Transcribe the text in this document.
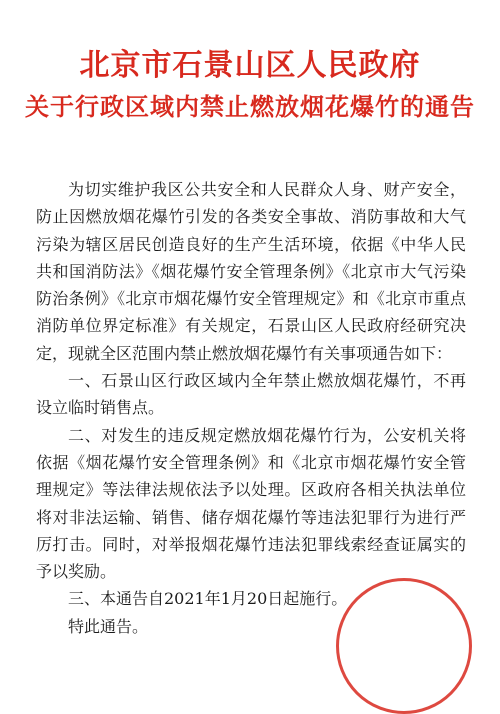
北京市石景山区人民政府
关于行政区域内禁止燃放烟花爆竹的通告

为切实维护我区公共安全和人民群众人身、财产安全，防止因燃放烟花爆竹引发的各类安全事故、消防事故和大气污染为辖区居民创造良好的生产生活环境，依据《中华人民共和国消防法》《烟花爆竹安全管理条例》《北京市大气污染防治条例》《北京市烟花爆竹安全管理规定》和《北京市重点消防单位界定标准》有关规定，石景山区人民政府经研究决定，现就全区范围内禁止燃放烟花爆竹有关事项通告如下：

一、石景山区行政区域内全年禁止燃放烟花爆竹，不再设立临时销售点。

二、对发生的违反规定燃放烟花爆竹行为，公安机关将依据《烟花爆竹安全管理条例》和《北京市烟花爆竹安全管理规定》等法律法规依法予以处理。区政府各相关执法单位将对非法运输、销售、储存烟花爆竹等违法犯罪行为进行严厉打击。同时，对举报烟花爆竹违法犯罪线索经查证属实的予以奖励。

三、本通告自2021年1月20日起施行。

特此通告。
